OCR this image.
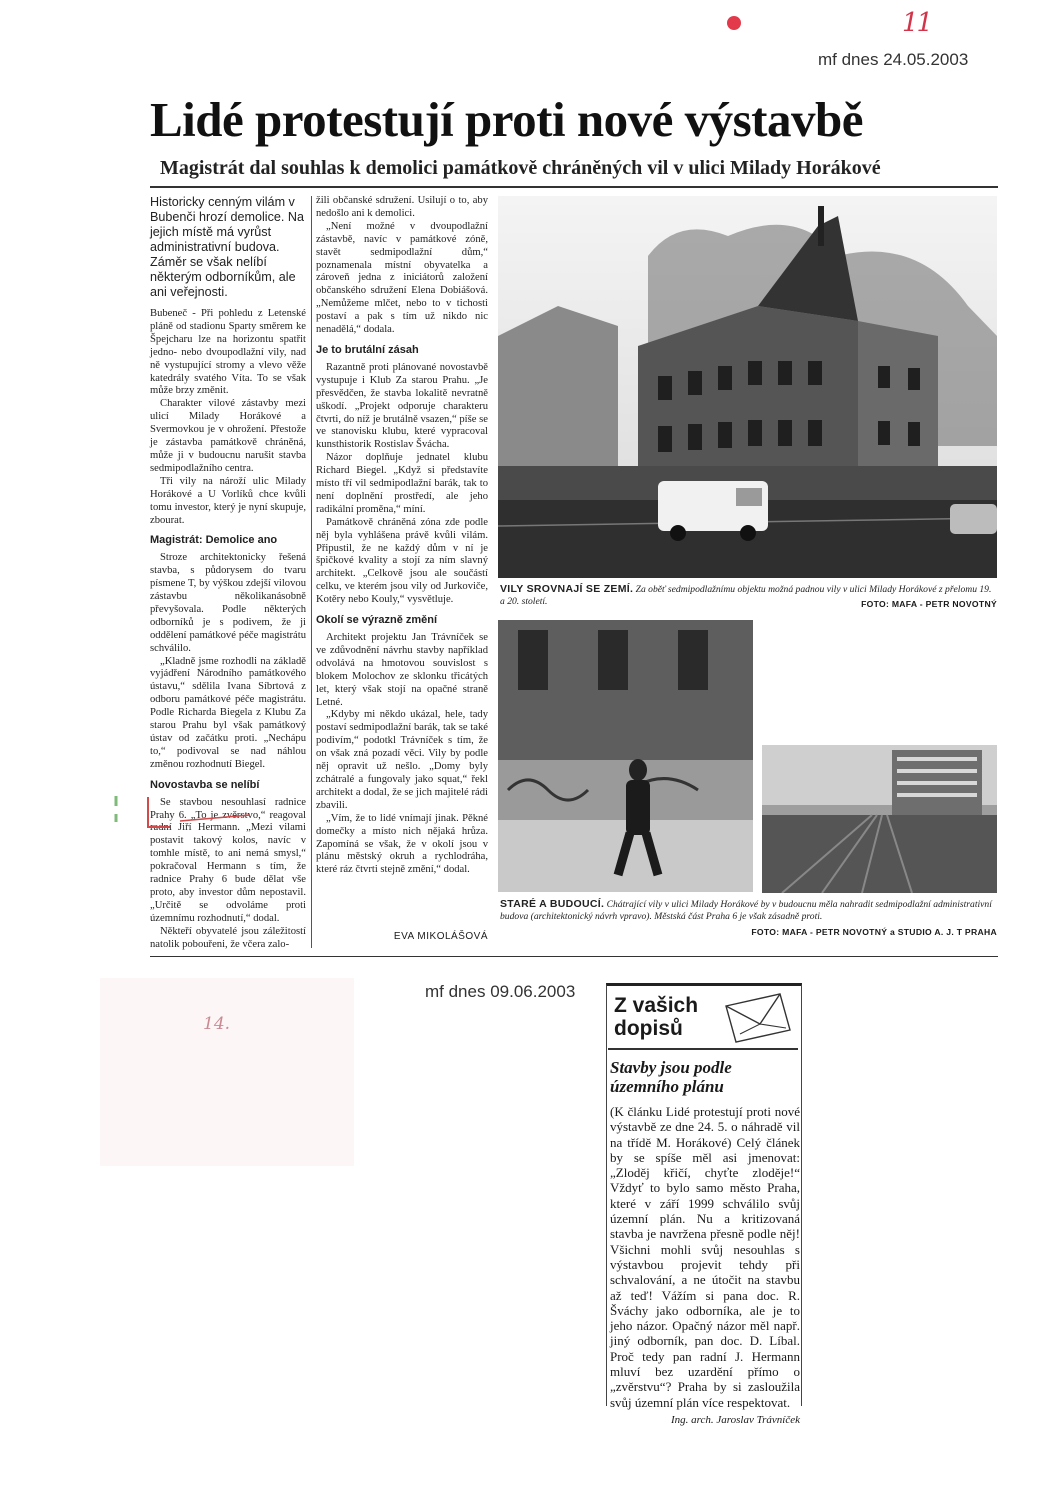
11
mf dnes 24.05.2003
Lidé protestují proti nové výstavbě
Magistrát dal souhlas k demolici památkově chráněných vil v ulici Milady Horákové
Historicky cenným vilám v Bubenči hrozí demolice. Na jejich místě má vyrůst administrativní budova. Záměr se však nelíbí některým odborníkům, ale ani veřejnosti.

Bubeneč - Při pohledu z Letenské pláně od stadionu Sparty směrem ke Špejcharu lze na horizontu spatřit jedno- nebo dvoupodlažní vily, nad ně vystupující stromy a vlevo věže katedrály svatého Víta. To se však může brzy změnit.

Charakter vilové zástavby mezi ulicí Milady Horákové a Svermovkou je v ohrožení. Přestože je zástavba památkově chráněná, může ji v budoucnu narušit stavba sedmipodlažního centra.

Tři vily na nároží ulic Milady Horákové a U Vorlíků chce kvůli tomu investor, který je nyní skupuje, zbourat.

Magistrát: Demolice ano

Stroze architektonicky řešená stavba, s půdorysem do tvaru písmene T, by výškou zdejší vilovou zástavbu několikanásobně převyšovala. Podle některých odborníků je s podivem, že ji oddělení památkové péče magistrátu schválilo.

„Kladně jsme rozhodli na základě vyjádření Národního památkového ústavu,“ sdělila Ivana Síbrtová z odboru památkové péče magistrátu. Podle Richarda Biegela z Klubu Za starou Prahu byl však památkový ústav od začátku proti. „Nechápu to,“ podivoval se nad náhlou změnou rozhodnutí Biegel.

Novostavba se nelíbí

Se stavbou nesouhlasí radnice Prahy 6. „To je zvěrstvo,“ reagoval radní Jiří Hermann. „Mezi vilami postavit takový kolos, navíc v tomhle místě, to ani nemá smysl,“ pokračoval Hermann s tím, že radnice Prahy 6 bude dělat vše proto, aby investor dům nepostavil. „Určitě se odvoláme proti územnímu rozhodnutí,“ dodal.

Někteří obyvatelé jsou záležitostí natolik pobouřeni, že včera zalo-

žili občanské sdružení. Usilují o to, aby nedošlo ani k demolici.

„Není možné v dvoupodlažní zástavbě, navíc v památkové zóně, stavět sedmipodlažní dům,“ poznamenala místní obyvatelka a zároveň jedna z iniciátorů založení občanského sdružení Elena Dobiášová. „Nemůžeme mlčet, nebo to v tichosti postaví a pak s tím už nikdo nic nenadělá,“ dodala.

Je to brutální zásah

Razantně proti plánované novostavbě vystupuje i Klub Za starou Prahu. „Je přesvědčen, že stavba lokalitě nevratně uškodí. „Projekt odporuje charakteru čtvrti, do níž je brutálně vsazen,“ píše se ve stanovisku klubu, které vypracoval kunsthistorik Rostislav Švácha.

Názor doplňuje jednatel klubu Richard Biegel. „Když si představíte místo tří vil sedmipodlažní barák, tak to není doplnění prostředí, ale jeho radikální proměna,“ míní.

Památkově chráněná zóna zde podle něj byla vyhlášena právě kvůli vilám. Připustil, že ne každý dům v ní je špičkové kvality a stojí za ním slavný architekt. „Celkově jsou ale součástí celku, ve kterém jsou vily od Jurkoviče, Kotěry nebo Kouly,“ vysvětluje.

Okolí se výrazně změní

Architekt projektu Jan Trávníček se ve zdůvodnění návrhu stavby například odvolává na hmotovou souvislost s blokem Molochov ze sklonku třicátých let, který však stojí na opačné straně Letné.

„Kdyby mi někdo ukázal, hele, tady postaví sedmipodlažní barák, tak se také podivím,“ podotkl Trávníček s tím, že on však zná pozadí věci. Vily by podle něj opravit už nešlo. „Domy byly zchátralé a fungovaly jako squat,“ řekl architekt a dodal, že se jich majitelé rádi zbavili.

„Vím, že to lidé vnímají jinak. Pěkné domečky a místo nich nějaká hrůza. Zapomíná se však, že v okolí jsou v plánu městský okruh a rychlodráha, které ráz čtvrti stejně změní,“ dodal.

EVA MIKOLÁŠOVÁ
VILY SROVNAJÍ SE ZEMÍ. Za oběť sedmipodlažnímu objektu možná padnou vily v ulici Milady Horákové z přelomu 19. a 20. století.	FOTO: MAFA - PETR NOVOTNÝ
STARÉ A BUDOUCÍ. Chátrající vily v ulici Milady Horákové by v budoucnu měla nahradit sedmipodlažní administrativní budova (architektonický návrh vpravo). Městská část Praha 6 je však zásadně proti.
FOTO: MAFA - PETR NOVOTNÝ a STUDIO A. J. T PRAHA
14.
mf dnes 09.06.2003
Z vašich dopisů
Stavby jsou podle územního plánu
(K článku Lidé protestují proti nové výstavbě ze dne 24. 5. o náhradě vil na třídě M. Horákové) Celý článek by se spíše měl asi jmenovat: „Zloděj křičí, chyťte zloděje!“ Vždyť to bylo samo město Praha, které v září 1999 schválilo svůj územní plán. Nu a kritizovaná stavba je navržena přesně podle něj! Všichni mohli svůj nesouhlas s výstavbou projevit tehdy při schvalování, a ne útočit na stavbu až teď! Vážím si pana doc. R. Šváchy jako odborníka, ale je to jeho názor. Opačný názor měl např. jiný odborník, pan doc. D. Líbal. Proč tedy pan radní J. Hermann mluví bez uzardění přímo o „zvěrstvu“? Praha by si zasloužila svůj územní plán více respektovat.
Ing. arch. Jaroslav Trávníček
